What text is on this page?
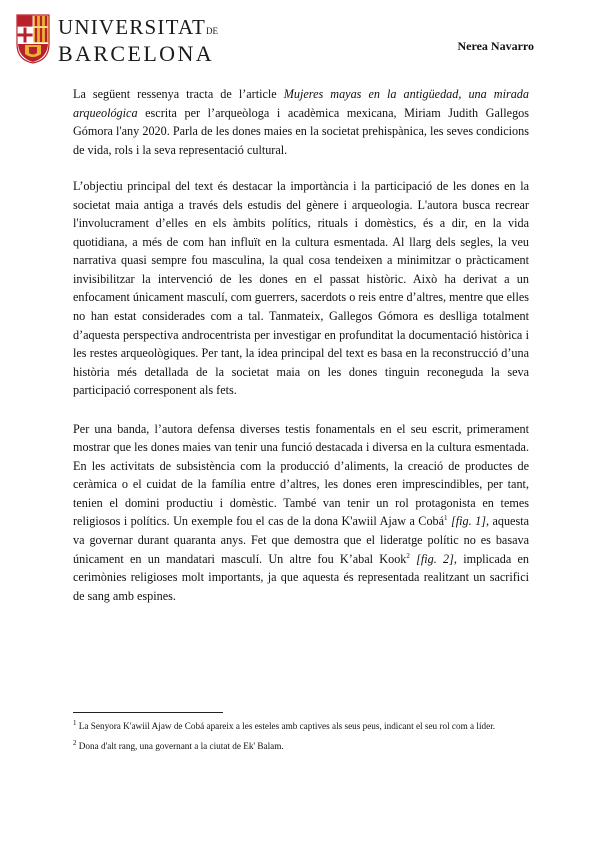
UNIVERSITATDE
BARCELONA	Nerea Navarro

La següent ressenya tracta de l’article Mujeres mayas en la antigüedad, una mirada arqueológica escrita per l’arqueòloga i acadèmica mexicana, Miriam Judith Gallegos Gómora l'any 2020. Parla de les dones maies en la societat prehispànica, les seves condicions de vida, rols i la seva representació cultural.

L’objectiu principal del text és destacar la importància i la participació de les dones en la societat maia antiga a través dels estudis del gènere i arqueologia. L'autora busca recrear l'involucrament d’elles en els àmbits polítics, rituals i domèstics, és a dir, en la vida quotidiana, a més de com han influït en la cultura esmentada. Al llarg dels segles, la veu narrativa quasi sempre fou masculina, la qual cosa tendeixen a minimitzar o pràcticament invisibilitzar la intervenció de les dones en el passat històric. Això ha derivat a un enfocament únicament masculí, com guerrers, sacerdots o reis entre d’altres, mentre que elles no han estat considerades com a tal. Tanmateix, Gallegos Gómora es deslliga totalment d’aquesta perspectiva androcentrista per investigar en profunditat la documentació històrica i les restes arqueològiques. Per tant, la idea principal del text es basa en la reconstrucció d’una història més detallada de la societat maia on les dones tinguin reconeguda la seva participació corresponent als fets.

Per una banda, l’autora defensa diverses testis fonamentals en el seu escrit, primerament mostrar que les dones maies van tenir una funció destacada i diversa en la cultura esmentada. En les activitats de subsistència com la producció d’aliments, la creació de productes de ceràmica o el cuidat de la família entre d’altres, les dones eren imprescindibles, per tant, tenien el domini productiu i domèstic. També van tenir un rol protagonista en temes religiosos i polítics. Un exemple fou el cas de la dona K'awiil Ajaw a Cobá$^1$ [fig. 1], aquesta va governar durant quaranta anys. Fet que demostra que el lideratge polític no es basava únicament en un mandatari masculí. Un altre fou K’abal Kook$^2$ [fig. 2], implicada en cerimònies religioses molt importants, ja que aquesta és representada realitzant un sacrifici de sang amb espines.

$^1$ La Senyora K'awiil Ajaw de Cobá apareix a les esteles amb captives als seus peus, indicant el seu rol com a líder.

$^2$ Dona d'alt rang, una governant a la ciutat de Ek' Balam.
